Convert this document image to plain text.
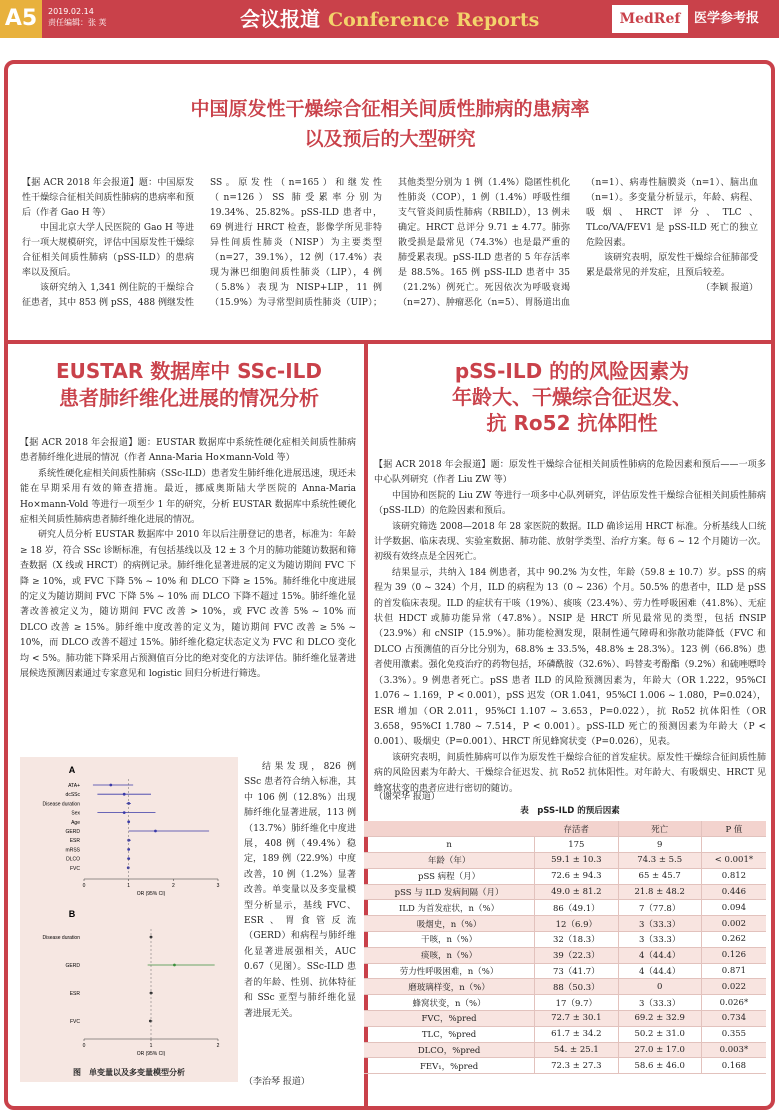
A5	2019.02.14
责任编辑：张 荚	会议报道 Conference Reports	MedRef	医学参考报
中国原发性干燥综合征相关间质性肺病的患病率
以及预后的大型研究

【据 ACR 2018 年会报道】题：中国原发性干燥综合征相关间质性肺病的患病率和预后（作者 Gao H 等）

中国北京大学人民医院的 Gao H 等进行一项大规模研究，评估中国原发性干燥综合征相关间质性肺病（pSS-ILD）的患病率以及预后。

该研究纳入 1,341 例住院的干燥综合征患者，其中 853 例 pSS，488 例继发性 SS。原发性（n=165）和继发性（n=126）SS 肺受累率分别为 19.34%、25.82%。pSS-ILD 患者中，69 例进行 HRCT 检查，影像学所见非特异性间质性肺炎（NISP）为主要类型（n=27，39.1%），12 例（17.4%）表现为淋巴细胞间质性肺炎（LIP），4 例（5.8%）表现为 NISP+LIP，11 例（15.9%）为寻常型间质性肺炎（UIP）；其他类型分别为 1 例（1.4%）隐匿性机化性肺炎（COP），1 例（1.4%）呼吸性细支气管炎间质性肺病（RBILD），13 例未确定。HRCT 总评分 9.71 ± 4.77。肺弥散受损是最常见（74.3%）也是最严重的肺受累表现。pSS-ILD 患者的 5 年存活率是 88.5%。165 例 pSS-ILD 患者中 35（21.2%）例死亡。死因依次为呼吸衰竭（n=27）、肿瘤恶化（n=5）、胃肠道出血（n=1）、病毒性脑膜炎（n=1）、脑出血（n=1）。多变量分析显示，年龄、病程、吸烟、HRCT 评分、TLC、TLco/VA/FEV1 是 pSS-ILD 死亡的独立危险因素。

该研究表明，原发性干燥综合征肺部受累是最常见的并发症，且预后较差。

（李颖 报道）
EUSTAR 数据库中 SSc-ILD
患者肺纤维化进展的情况分析

【据 ACR 2018 年会报道】题：EUSTAR 数据库中系统性硬化症相关间质性肺病患者肺纤维化进展的情况（作者 Anna-Maria Ho×mann-Vold 等）

系统性硬化症相关间质性肺病（SSc-ILD）患者发生肺纤维化进展迅速，现还未能在早期采用有效的筛查措施。最近，挪威奥斯陆大学医院的 Anna-Maria Ho×mann-Vold 等进行一项至少 1 年的研究，分析 EUSTAR 数据库中系统性硬化症相关间质性肺病患者肺纤维化进展的情况。

研究人员分析 EUSTAR 数据库中 2010 年以后注册登记的患者，标准为：年龄 ≥ 18 岁，符合 SSc 诊断标准，有包括基线以及 12 ± 3 个月的肺功能随访数据和筛查数据（X 线或 HRCT）的病例记录。肺纤维化显著进展的定义为随访期间 FVC 下降 ≥ 10%，或 FVC 下降 5% ~ 10% 和 DLCO 下降 ≥ 15%。肺纤维化中度进展的定义为随访期间 FVC 下降 5% ~ 10% 而 DLCO 下降不超过 15%。肺纤维化显著改善被定义为，随访期间 FVC 改善 > 10%，或 FVC 改善 5% ~ 10% 而 DLCO 改善 ≥ 15%。肺纤维中度改善的定义为，随访期间 FVC 改善 ≥ 5% ~ 10%，而 DLCO 改善不超过 15%。肺纤维化稳定状态定义为 FVC 和 DLCO 变化均 < 5%。肺功能下降采用占预测值百分比的绝对变化的方法评估。肺纤维化显著进展候选预测因素通过专家意见和 logistic 回归分析进行筛选。

结果发现，826 例 SSc 患者符合纳入标准，其中 106 例（12.8%）出现肺纤维化显著进展，113 例（13.7%）肺纤维化中度进展，408 例（49.4%）稳定，189 例（22.9%）中度改善，10 例（1.2%）显著改善。单变量以及多变量模型分析显示，基线 FVC、ESR、胃食管反流（GERD）和病程与肺纤维化显著进展强相关，AUC 0.67（见图）。SSc-ILD 患者的年龄、性别、抗体特征和 SSc 亚型与肺纤维化显著进展无关。

（李治琴 报道）
A
ATA+
dcSSc
Disease duration
Sex
Age
GERD
ESR
mRSS
DLCO
FVC
0	1	2	3
OR (95% CI)
B
Disease duration
GERD
ESR
FVC
0	1	2
OR (95% CI)
图　单变量以及多变量模型分析
pSS-ILD 的的风险因素为
年龄大、干燥综合征迟发、
抗 Ro52 抗体阳性

【据 ACR 2018 年会报道】题：原发性干燥综合征相关间质性肺病的危险因素和预后——一项多中心队列研究（作者 Liu ZW 等）

中国协和医院的 Liu ZW 等进行一项多中心队列研究，评估原发性干燥综合征相关间质性肺病（pSS-ILD）的危险因素和预后。

该研究筛选 2008—2018 年 28 家医院的数据。ILD 确诊运用 HRCT 标准。分析基线人口统计学数据、临床表现、实验室数据、肺功能、放射学类型、治疗方案。每 6 ~ 12 个月随访一次。初级有效终点是全因死亡。

结果显示，共纳入 184 例患者，其中 90.2% 为女性，年龄（59.8 ± 10.7）岁。pSS 的病程为 39（0 ~ 324）个月，ILD 的病程为 13（0 ~ 236）个月。50.5% 的患者中，ILD 是 pSS 的首发临床表现。ILD 的症状有干咳（19%）、痰咳（23.4%）、劳力性呼吸困难（41.8%）、无症状但 HDCT 或肺功能异常（47.8%）。NSIP 是 HRCT 所见最常见的类型，包括 fNSIP（23.9%）和 cNSIP（15.9%）。肺功能检测发现，限制性通气障碍和弥散功能降低（FVC 和 DLCO 占预测值的百分比分别为，68.8% ± 33.5%，48.8% ± 28.3%）。123 例（66.8%）患者使用激素。强化免疫治疗的药物包括，环磷酰胺（32.6%）、吗替麦考酚酯（9.2%）和硫唑嘌呤（3.3%）。9 例患者死亡。pSS 患者 ILD 的风险预测因素为，年龄大（OR 1.222，95%CI 1.076 ~ 1.169，P < 0.001），pSS 迟发（OR 1.041，95%CI 1.006 ~ 1.080，P=0.024），ESR 增加（OR 2.011，95%CI 1.107 ~ 3.653，P=0.022），抗 Ro52 抗体阳性（OR 3.658，95%CI 1.780 ~ 7.514，P < 0.001）。pSS-ILD 死亡的预测因素为年龄大（P < 0.001）、吸烟史（P=0.001）、HRCT 所见蜂窝状变（P=0.026），见表。

该研究表明，间质性肺病可以作为原发性干燥综合征的首发症状。原发性干燥综合征间质性肺病的风险因素为年龄大、干燥综合征迟发、抗 Ro52 抗体阳性。对年龄大、有吸烟史、HRCT 见蜂窝状变的患者应进行密切的随访。

（谢荣华 报道）
表　pSS-ILD 的预后因素
	存活者	死亡	P 值
n	175	9	
年龄（年）	59.1 ± 10.3	74.3 ± 5.5	< 0.001*
pSS 病程（月）	72.6 ± 94.3	65 ± 45.7	0.812
pSS 与 ILD 发病间隔（月）	49.0 ± 81.2	21.8 ± 48.2	0.446
ILD 为首发症状，n（%）	86（49.1）	7（77.8）	0.094
吸烟史，n（%）	12（6.9）	3（33.3）	0.002
干咳，n（%）	32（18.3）	3（33.3）	0.262
痰咳，n（%）	39（22.3）	4（44.4）	0.126
劳力性呼吸困难，n（%）	73（41.7）	4（44.4）	0.871
磨玻璃样变，n（%）	88（50.3）	0	0.022
蜂窝状变，n（%）	17（9.7）	3（33.3）	0.026*
FVC，%pred	72.7 ± 30.1	69.2 ± 32.9	0.734
TLC，%pred	61.7 ± 34.2	50.2 ± 31.0	0.355
DLCO，%pred	54. ± 25.1	27.0 ± 17.0	0.003*
FEV₁，%pred	72.3 ± 27.3	58.6 ± 46.0	0.168
